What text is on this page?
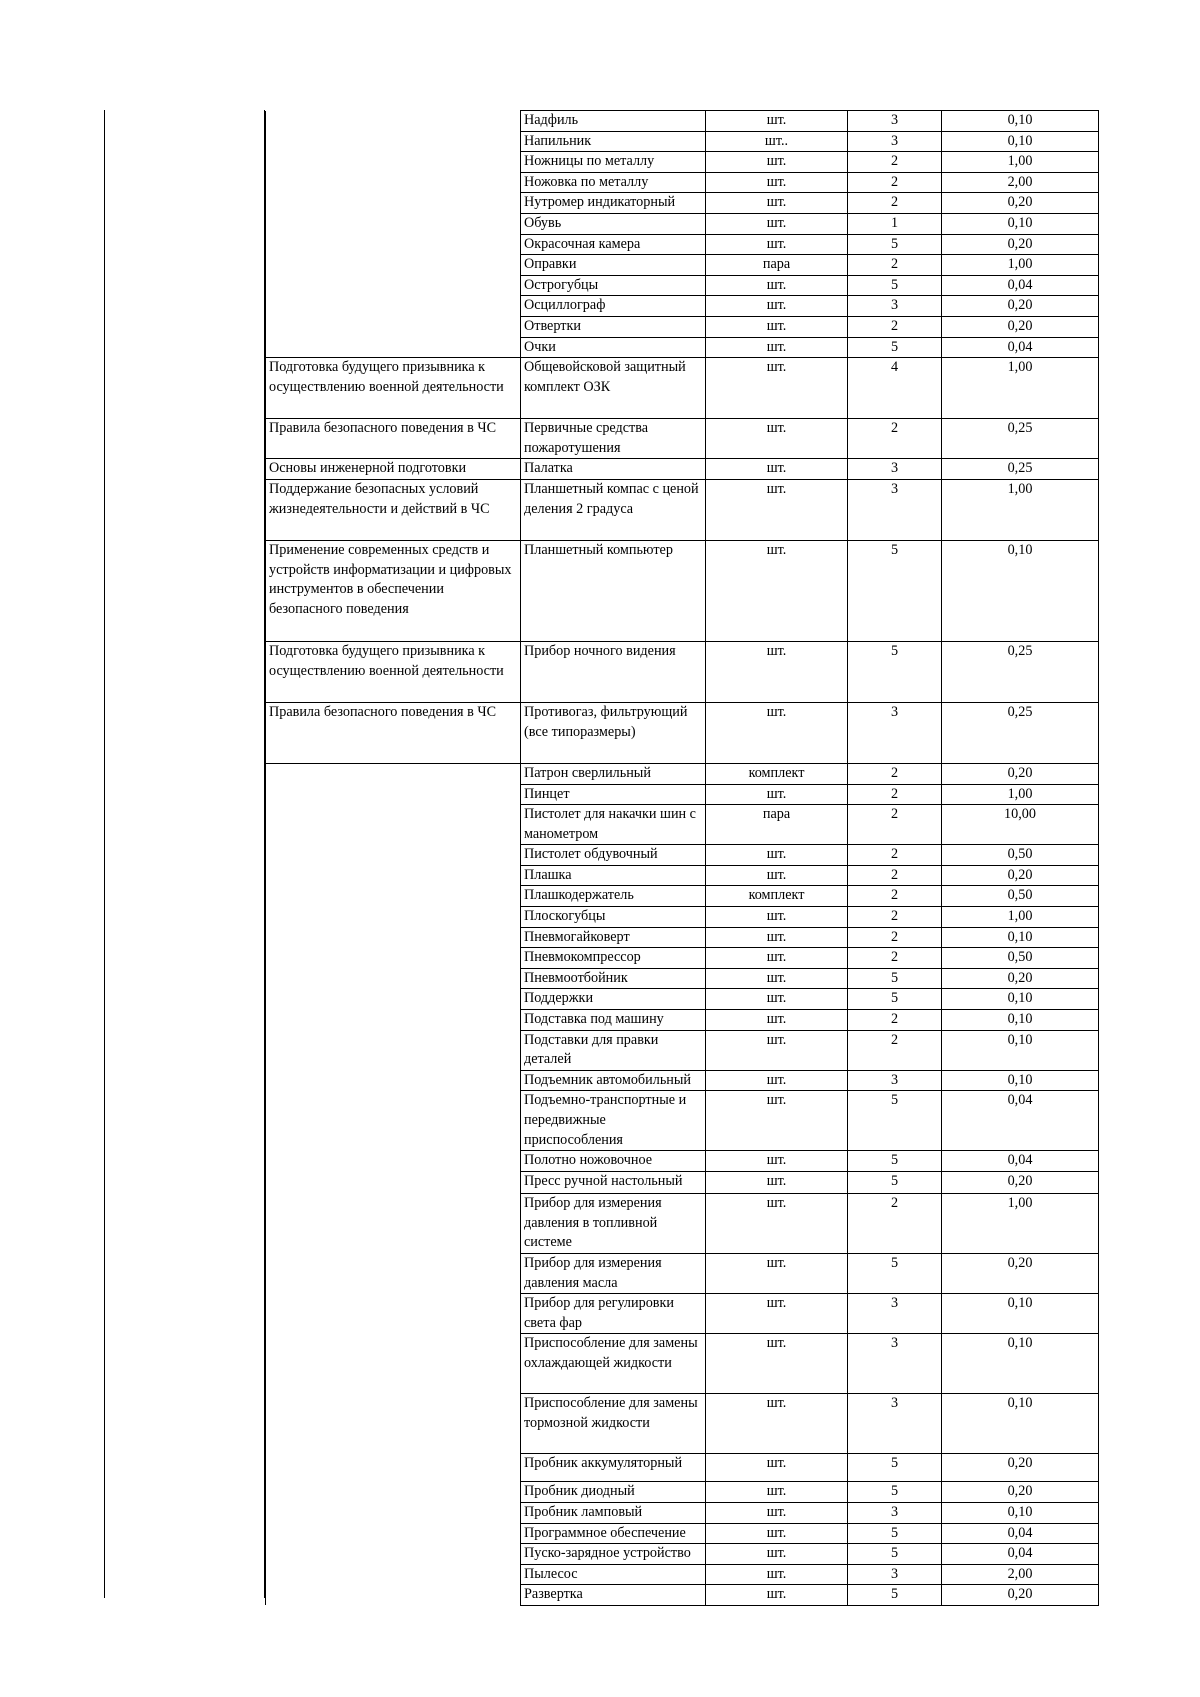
	Надфиль	шт.	3	0,10
	Напильник	шт..	3	0,10
	Ножницы по металлу	шт.	2	1,00
	Ножовка по металлу	шт.	2	2,00
	Нутромер индикаторный	шт.	2	0,20
	Обувь	шт.	1	0,10
	Окрасочная камера	шт.	5	0,20
	Оправки	пара	2	1,00
	Острогубцы	шт.	5	0,04
	Осциллограф	шт.	3	0,20
	Отвертки	шт.	2	0,20
	Очки	шт.	5	0,04
Подготовка будущего призывника к осуществлению военной деятельности	Общевойсковой защитный комплект ОЗК	шт.	4	1,00
Правила безопасного поведения в ЧС	Первичные средства пожаротушения	шт.	2	0,25
Основы инженерной подготовки	Палатка	шт.	3	0,25
Поддержание безопасных условий жизнедеятельности и действий в ЧС	Планшетный компас с ценой деления 2 градуса	шт.	3	1,00
Применение современных средств и устройств информатизации и цифровых инструментов в обеспечении безопасного поведения	Планшетный компьютер	шт.	5	0,10
Подготовка будущего призывника к осуществлению военной деятельности	Прибор ночного видения	шт.	5	0,25
Правила безопасного поведения в ЧС	Противогаз, фильтрующий (все типоразмеры)	шт.	3	0,25
	Патрон сверлильный	комплект	2	0,20
	Пинцет	шт.	2	1,00
	Пистолет для накачки шин с манометром	пара	2	10,00
	Пистолет обдувочный	шт.	2	0,50
	Плашка	шт.	2	0,20
	Плашкодержатель	комплект	2	0,50
	Плоскогубцы	шт.	2	1,00
	Пневмогайковерт	шт.	2	0,10
	Пневмокомпрессор	шт.	2	0,50
	Пневмоотбойник	шт.	5	0,20
	Поддержки	шт.	5	0,10
	Подставка под машину	шт.	2	0,10
	Подставки для правки деталей	шт.	2	0,10
	Подъемник автомобильный	шт.	3	0,10
	Подъемно-транспортные и передвижные приспособления	шт.	5	0,04
	Полотно ножовочное	шт.	5	0,04
	Пресс ручной настольный	шт.	5	0,20
	Прибор для измерения давления в топливной системе	шт.	2	1,00
	Прибор для измерения давления масла	шт.	5	0,20
	Прибор для регулировки света фар	шт.	3	0,10
	Приспособление для замены охлаждающей жидкости	шт.	3	0,10
	Приспособление для замены тормозной жидкости	шт.	3	0,10
	Пробник аккумуляторный	шт.	5	0,20
	Пробник диодный	шт.	5	0,20
	Пробник ламповый	шт.	3	0,10
	Программное обеспечение	шт.	5	0,04
	Пуско-зарядное устройство	шт.	5	0,04
	Пылесос	шт.	3	2,00
	Развертка	шт.	5	0,20
